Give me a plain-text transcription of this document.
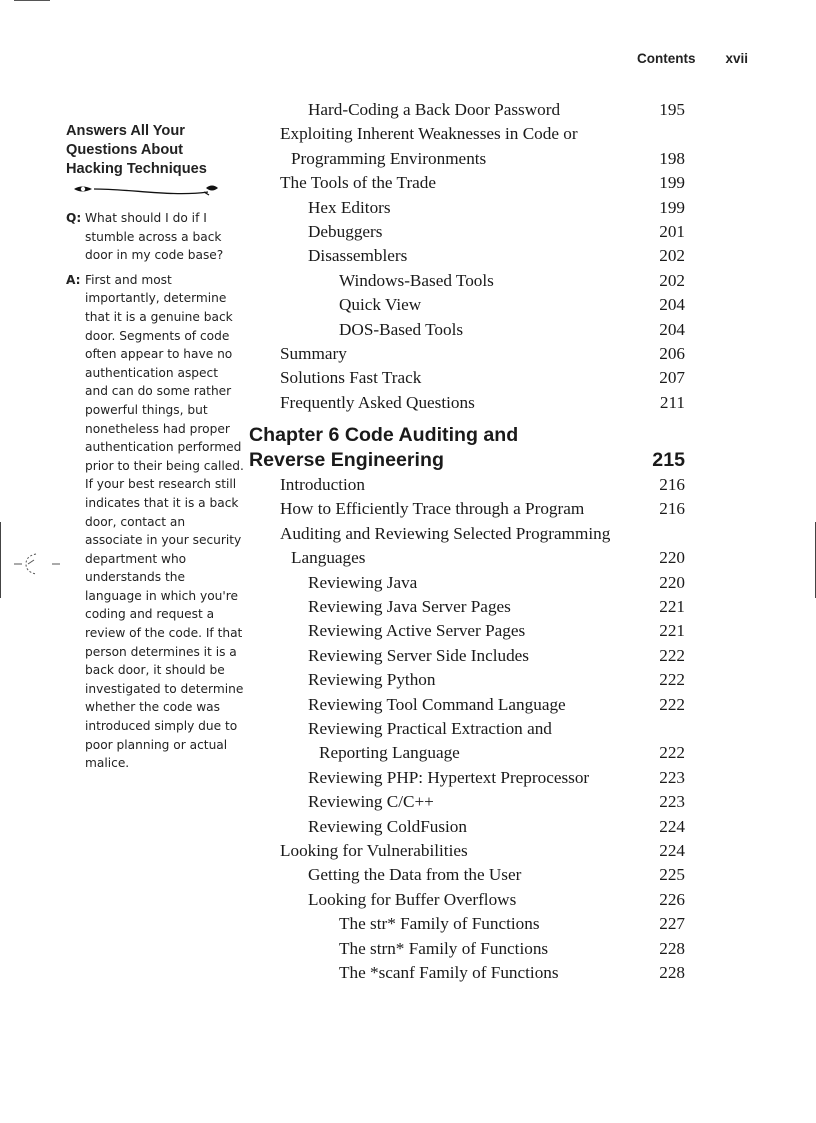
Contents xvii
Answers All Your Questions About Hacking Techniques
Q: What should I do if I stumble across a back door in my code base?
A: First and most importantly, determine that it is a genuine back door. Segments of code often appear to have no authentication aspect and can do some rather powerful things, but nonetheless had proper authentication performed prior to their being called. If your best research still indicates that it is a back door, contact an associate in your security department who understands the language in which you're coding and request a review of the code. If that person determines it is a back door, it should be investigated to determine whether the code was introduced simply due to poor planning or actual malice.
Hard-Coding a Back Door Password	195
Exploiting Inherent Weaknesses in Code or
Programming Environments	198
The Tools of the Trade	199
Hex Editors	199
Debuggers	201
Disassemblers	202
Windows-Based Tools	202
Quick View	204
DOS-Based Tools	204
Summary	206
Solutions Fast Track	207
Frequently Asked Questions	211
Chapter 6 Code Auditing and
Reverse Engineering	215
Introduction	216
How to Efficiently Trace through a Program	216
Auditing and Reviewing Selected Programming
Languages	220
Reviewing Java	220
Reviewing Java Server Pages	221
Reviewing Active Server Pages	221
Reviewing Server Side Includes	222
Reviewing Python	222
Reviewing Tool Command Language	222
Reviewing Practical Extraction and
Reporting Language	222
Reviewing PHP: Hypertext Preprocessor	223
Reviewing C/C++	223
Reviewing ColdFusion	224
Looking for Vulnerabilities	224
Getting the Data from the User	225
Looking for Buffer Overflows	226
The str* Family of Functions	227
The strn* Family of Functions	228
The *scanf Family of Functions	228
